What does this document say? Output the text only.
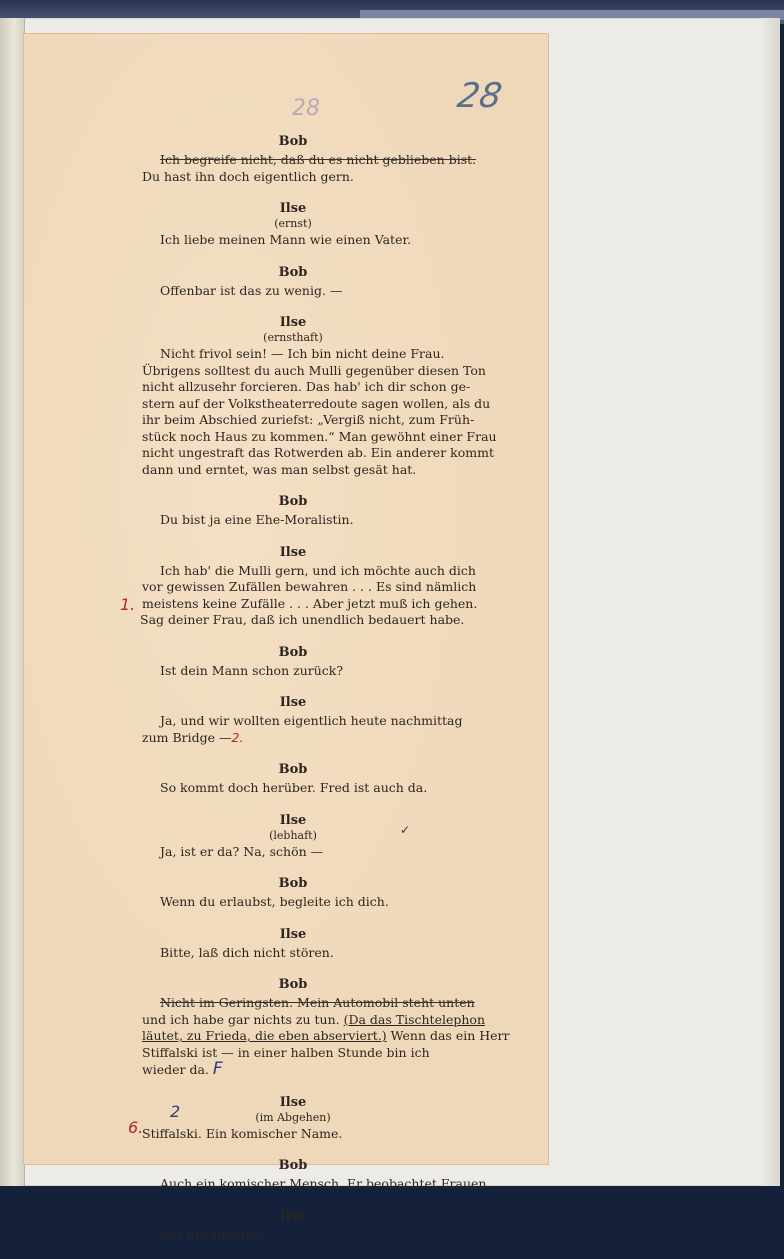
28	28
Bob
Ich begreife nicht, daß du es nicht geblieben bist.
Du hast ihn doch eigentlich gern.
Ilse
(ernst)
Ich liebe meinen Mann wie einen Vater.
Bob
Offenbar ist das zu wenig. —
Ilse
(ernsthaft)
Nicht frivol sein! — Ich bin nicht deine Frau.
Übrigens solltest du auch Mulli gegenüber diesen Ton
nicht allzusehr forcieren. Das hab' ich dir schon ge-
stern auf der Volkstheaterredoute sagen wollen, als du
ihr beim Abschied zuriefst: „Vergiß nicht, zum Früh-
stück noch Haus zu kommen.“ Man gewöhnt einer Frau
nicht ungestraft das Rotwerden ab. Ein anderer kommt
dann und erntet, was man selbst gesät hat.
Bob
Du bist ja eine Ehe-Moralistin.
Ilse
1.
Ich hab' die Mulli gern, und ich möchte auch dich
vor gewissen Zufällen bewahren . . . Es sind nämlich
meistens keine Zufälle . . . Aber jetzt muß ich gehen.
Sag deiner Frau, daß ich unendlich bedauert habe.
Bob
Ist dein Mann schon zurück?
Ilse
Ja, und wir wollten eigentlich heute nachmittag
zum Bridge —2.
Bob
So kommt doch herüber. Fred ist auch da.
Ilse
(lebhaft)	✓
Ja, ist er da? Na, schön —
Bob
Wenn du erlaubst, begleite ich dich.
Ilse
Bitte, laß dich nicht stören.
Bob
Nicht im Geringsten. Mein Automobil steht unten
und ich habe gar nichts zu tun. (Da das Tischtelephon
läutet, zu Frieda, die eben abserviert.) Wenn das ein Herr
Stiffalski ist — in einer halben Stunde bin ich
wieder da. F
Ilse
(im Abgehen)
6.
2
Stiffalski. Ein komischer Name.
Bob
Auch ein komischer Mensch. Er beobachtet Frauen.
Ilse
Ah! Ein Dichter?
